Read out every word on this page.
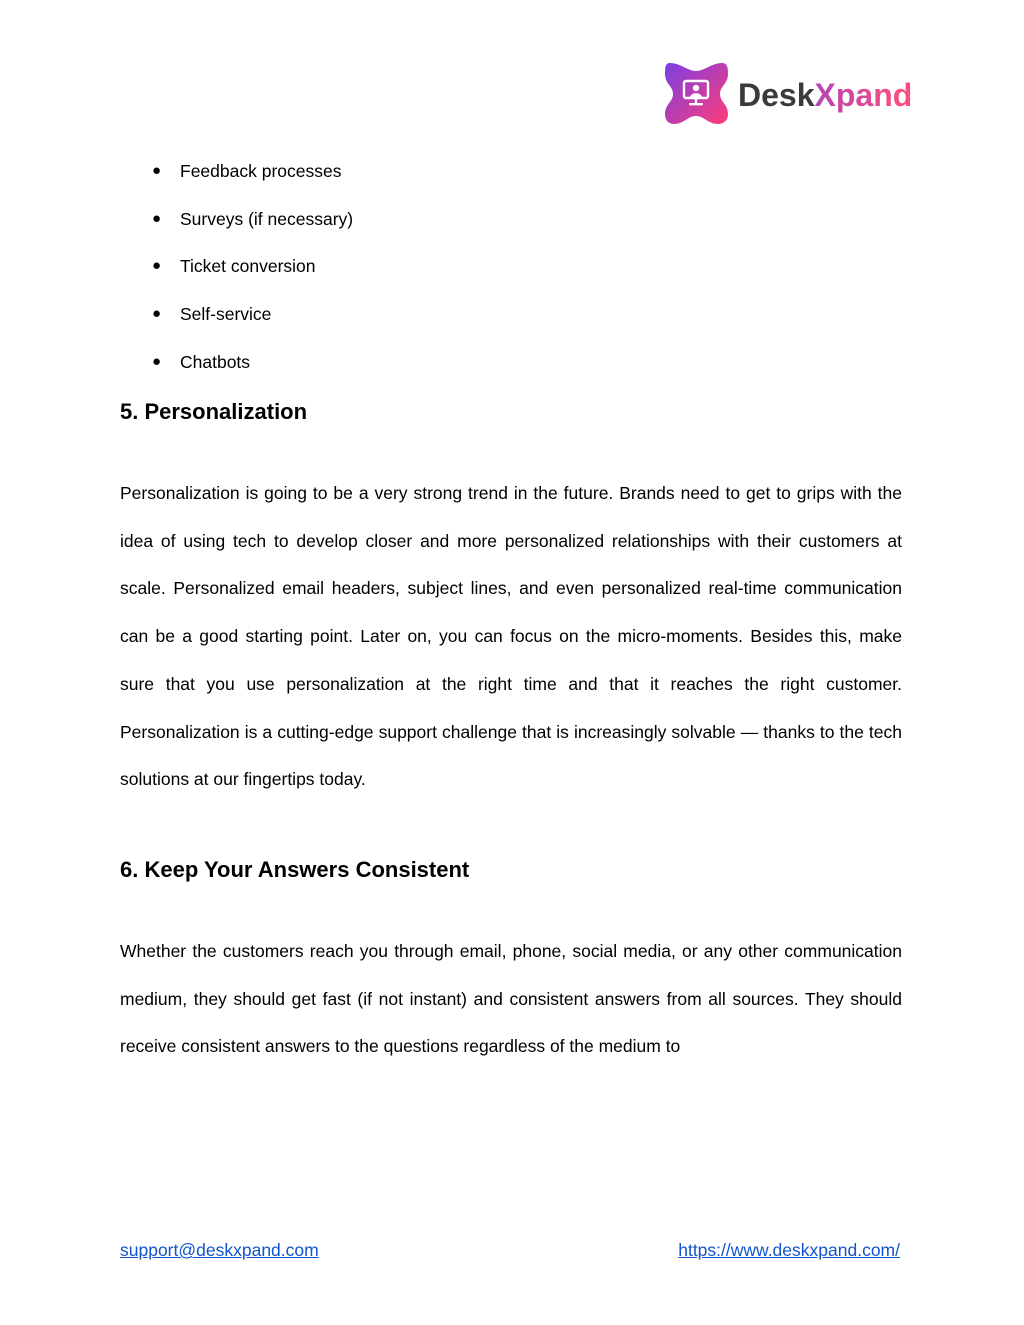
DeskXpand
● Feedback processes
● Surveys (if necessary)
● Ticket conversion
● Self-service
● Chatbots
5. Personalization

Personalization is going to be a very strong trend in the future. Brands need to get to grips with the idea of using tech to develop closer and more personalized relationships with their customers at scale. Personalized email headers, subject lines, and even personalized real-time communication can be a good starting point. Later on, you can focus on the micro-moments. Besides this, make sure that you use personalization at the right time and that it reaches the right customer. Personalization is a cutting-edge support challenge that is increasingly solvable — thanks to the tech solutions at our fingertips today.

6. Keep Your Answers Consistent

Whether the customers reach you through email, phone, social media, or any other communication medium, they should get fast (if not instant) and consistent answers from all sources. They should receive consistent answers to the questions regardless of the medium to

support@deskxpand.com	https://www.deskxpand.com/
